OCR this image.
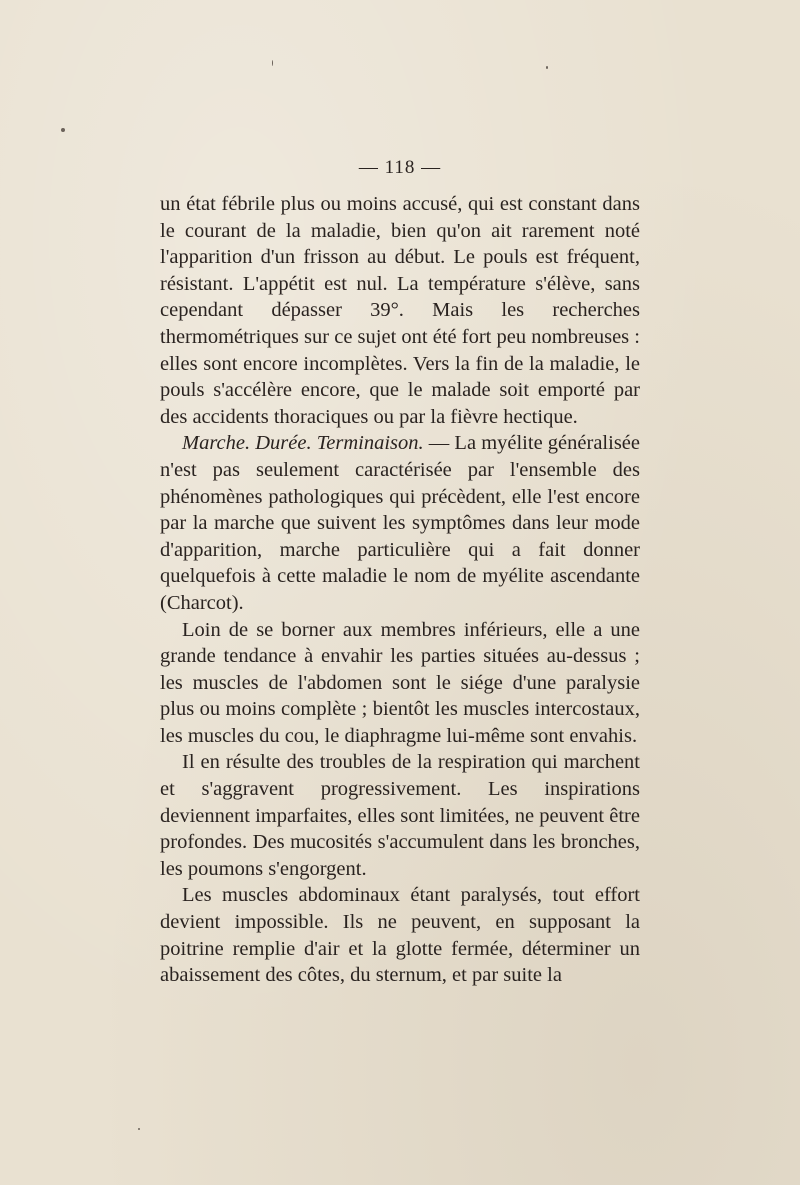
— 118 —

un état fébrile plus ou moins accusé, qui est constant dans le courant de la maladie, bien qu'on ait rarement noté l'apparition d'un frisson au début. Le pouls est fréquent, résistant. L'appétit est nul. La température s'élève, sans cependant dépasser 39°. Mais les recherches thermométriques sur ce sujet ont été fort peu nombreuses : elles sont encore incomplètes. Vers la fin de la maladie, le pouls s'accélère encore, que le malade soit emporté par des accidents thoraciques ou par la fièvre hectique.

Marche. Durée. Terminaison. — La myélite généralisée n'est pas seulement caractérisée par l'ensemble des phénomènes pathologiques qui précèdent, elle l'est encore par la marche que suivent les symptômes dans leur mode d'apparition, marche particulière qui a fait donner quelquefois à cette maladie le nom de myélite ascendante (Charcot).

Loin de se borner aux membres inférieurs, elle a une grande tendance à envahir les parties situées au-dessus ; les muscles de l'abdomen sont le siége d'une paralysie plus ou moins complète ; bientôt les muscles intercostaux, les muscles du cou, le diaphragme lui-même sont envahis.

Il en résulte des troubles de la respiration qui marchent et s'aggravent progressivement. Les inspirations deviennent imparfaites, elles sont limitées, ne peuvent être profondes. Des mucosités s'accumulent dans les bronches, les poumons s'engorgent.

Les muscles abdominaux étant paralysés, tout effort devient impossible. Ils ne peuvent, en supposant la poitrine remplie d'air et la glotte fermée, déterminer un abaissement des côtes, du sternum, et par suite la
